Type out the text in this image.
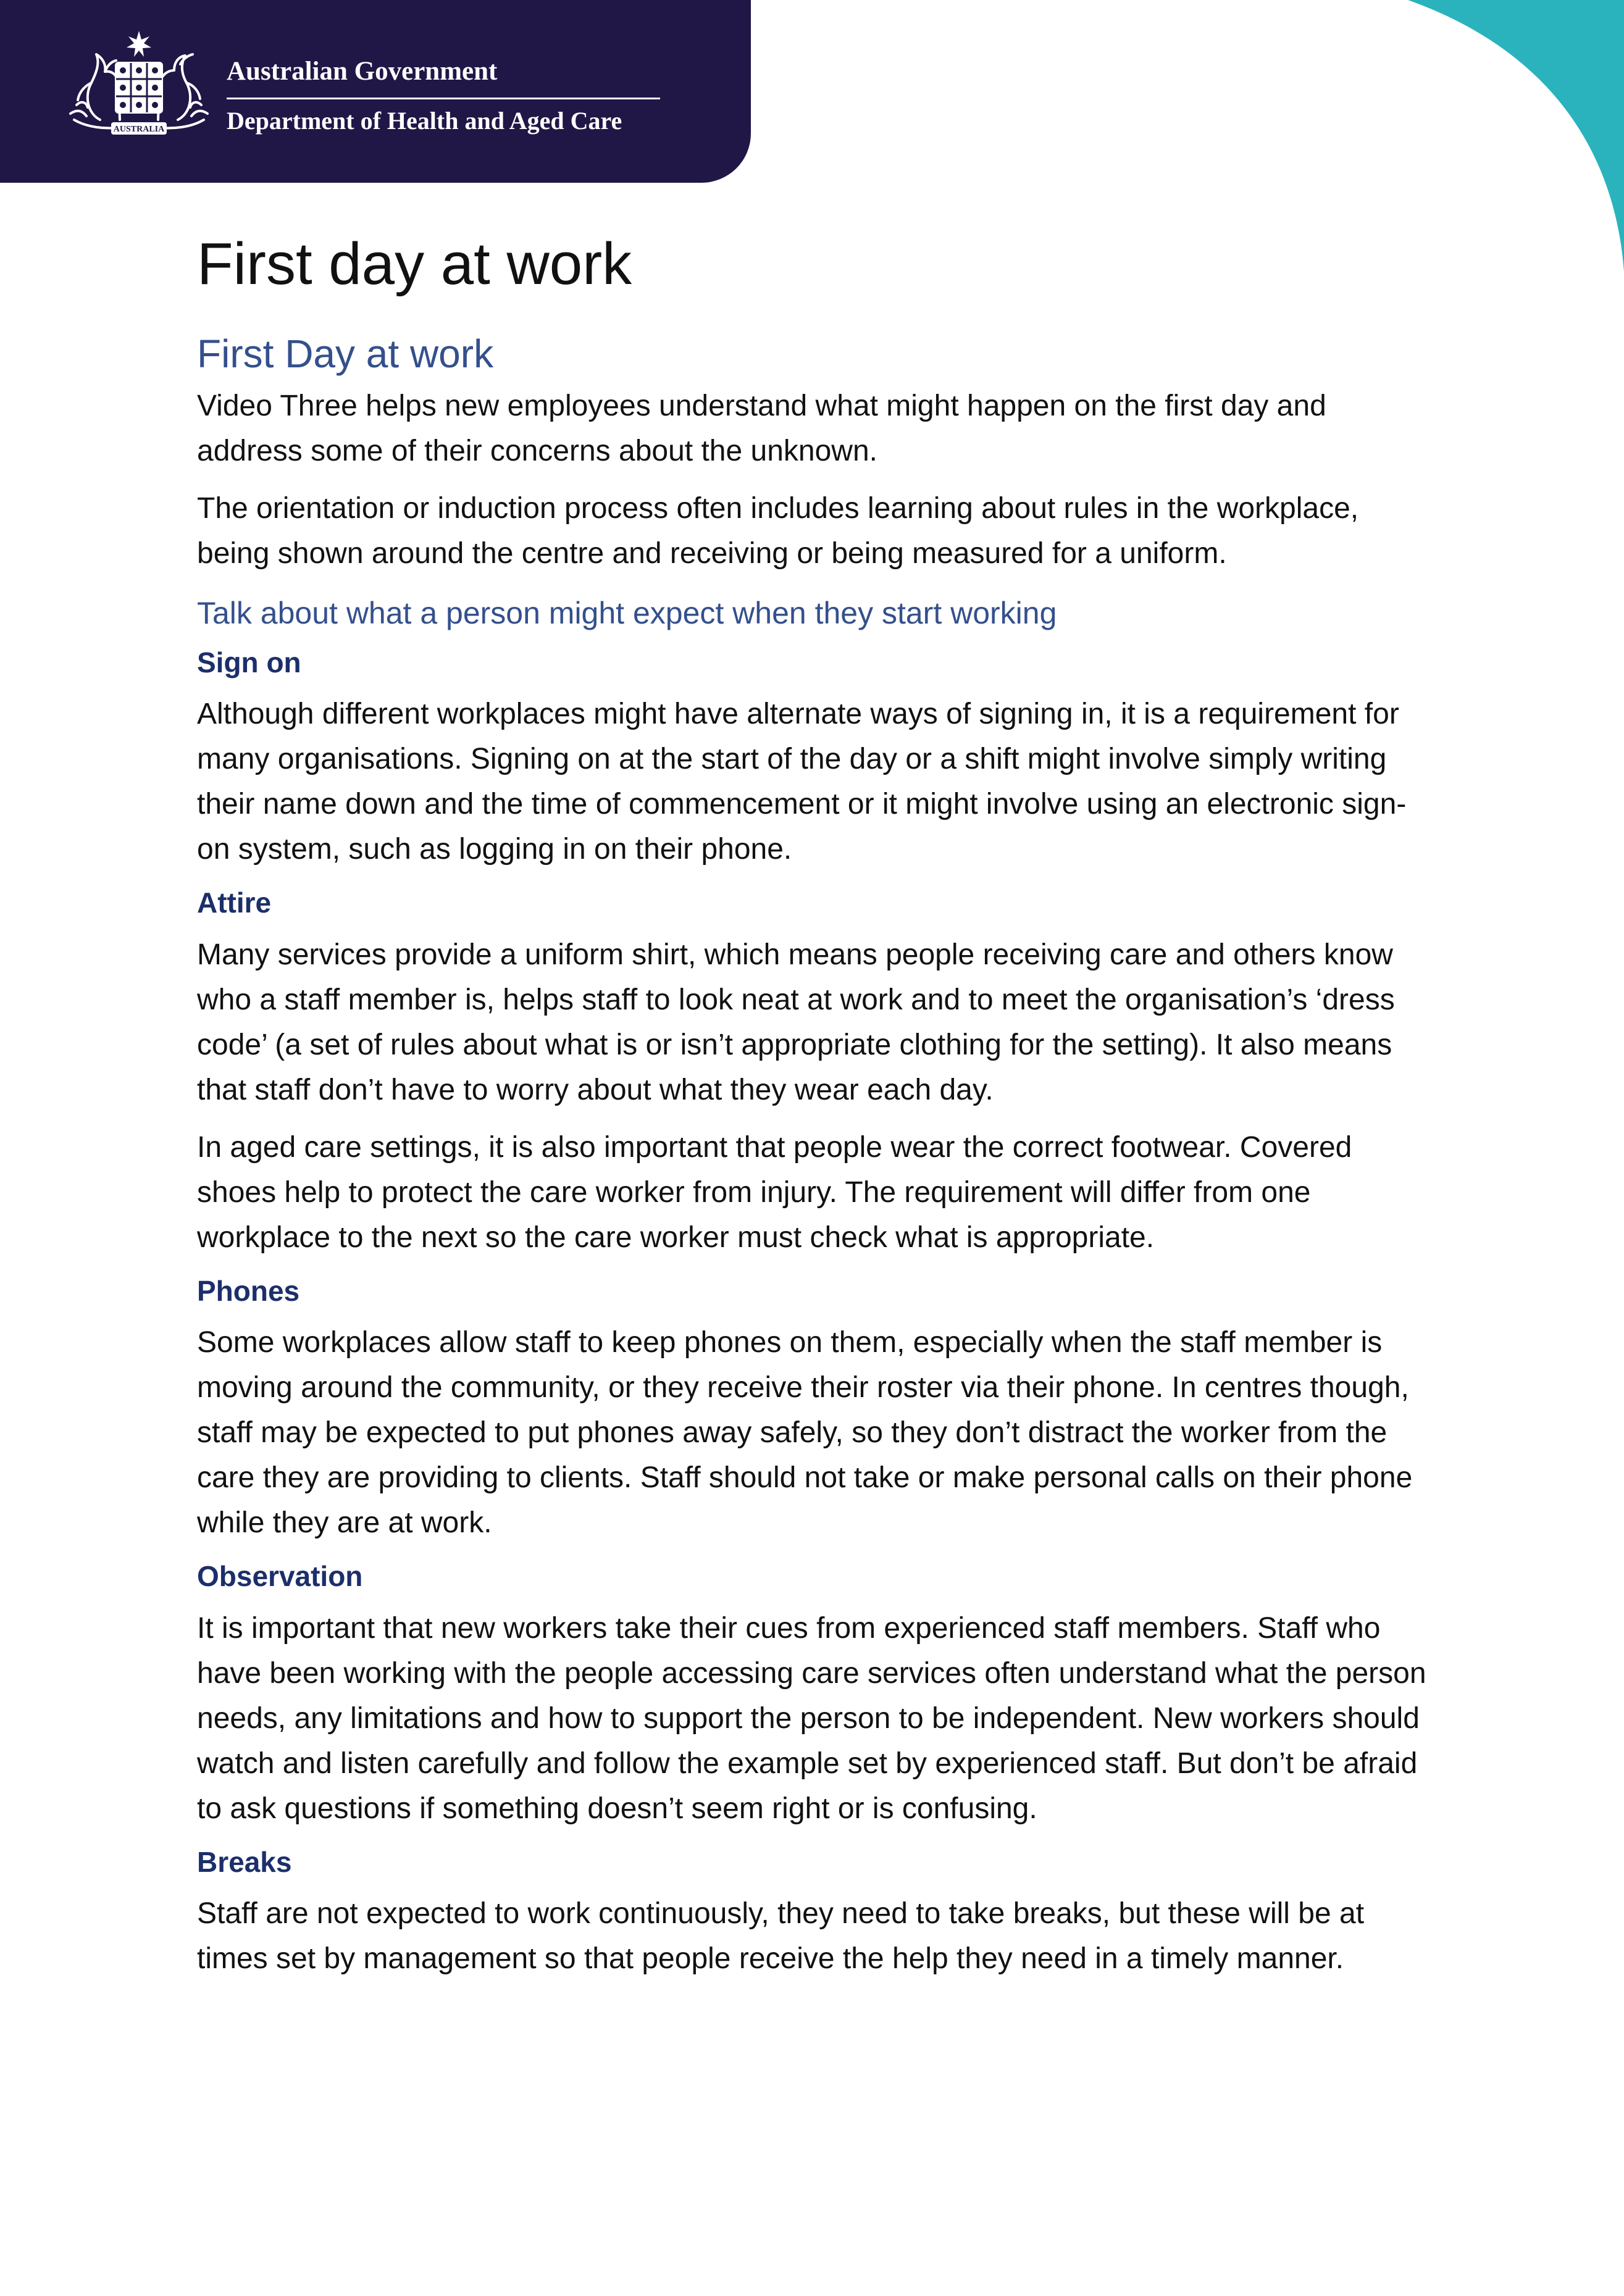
AUSTRALIA
Australian Government
Department of Health and Aged Care
First day at work
First Day at work

Video Three helps new employees understand what might happen on the first day and address some of their concerns about the unknown.

The orientation or induction process often includes learning about rules in the workplace, being shown around the centre and receiving or being measured for a uniform.

Talk about what a person might expect when they start working
Sign on

Although different workplaces might have alternate ways of signing in, it is a requirement for many organisations. Signing on at the start of the day or a shift might involve simply writing their name down and the time of commencement or it might involve using an electronic sign-on system, such as logging in on their phone.

Attire

Many services provide a uniform shirt, which means people receiving care and others know who a staff member is, helps staff to look neat at work and to meet the organisation’s ‘dress code’ (a set of rules about what is or isn’t appropriate clothing for the setting). It also means that staff don’t have to worry about what they wear each day.

In aged care settings, it is also important that people wear the correct footwear. Covered shoes help to protect the care worker from injury. The requirement will differ from one workplace to the next so the care worker must check what is appropriate.

Phones

Some workplaces allow staff to keep phones on them, especially when the staff member is moving around the community, or they receive their roster via their phone. In centres though, staff may be expected to put phones away safely, so they don’t distract the worker from the care they are providing to clients. Staff should not take or make personal calls on their phone while they are at work.

Observation

It is important that new workers take their cues from experienced staff members. Staff who have been working with the people accessing care services often understand what the person needs, any limitations and how to support the person to be independent. New workers should watch and listen carefully and follow the example set by experienced staff. But don’t be afraid to ask questions if something doesn’t seem right or is confusing.

Breaks

Staff are not expected to work continuously, they need to take breaks, but these will be at times set by management so that people receive the help they need in a timely manner.
